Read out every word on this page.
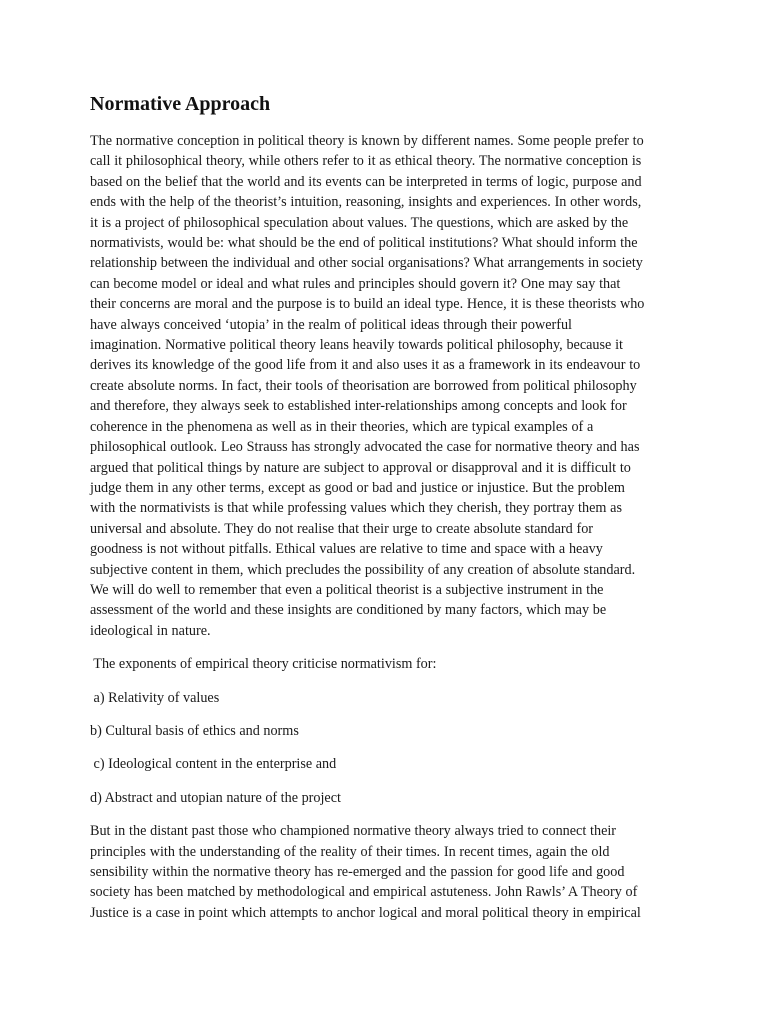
Normative Approach

The normative conception in political theory is known by different names. Some people prefer to
call it philosophical theory, while others refer to it as ethical theory. The normative conception is
based on the belief that the world and its events can be interpreted in terms of logic, purpose and
ends with the help of the theorist’s intuition, reasoning, insights and experiences. In other words,
it is a project of philosophical speculation about values. The questions, which are asked by the
normativists, would be: what should be the end of political institutions? What should inform the
relationship between the individual and other social organisations? What arrangements in society
can become model or ideal and what rules and principles should govern it? One may say that
their concerns are moral and the purpose is to build an ideal type. Hence, it is these theorists who
have always conceived ‘utopia’ in the realm of political ideas through their powerful
imagination. Normative political theory leans heavily towards political philosophy, because it
derives its knowledge of the good life from it and also uses it as a framework in its endeavour to
create absolute norms. In fact, their tools of theorisation are borrowed from political philosophy
and therefore, they always seek to established inter-relationships among concepts and look for
coherence in the phenomena as well as in their theories, which are typical examples of a
philosophical outlook. Leo Strauss has strongly advocated the case for normative theory and has
argued that political things by nature are subject to approval or disapproval and it is difficult to
judge them in any other terms, except as good or bad and justice or injustice. But the problem
with the normativists is that while professing values which they cherish, they portray them as
universal and absolute. They do not realise that their urge to create absolute standard for
goodness is not without pitfalls. Ethical values are relative to time and space with a heavy
subjective content in them, which precludes the possibility of any creation of absolute standard.
We will do well to remember that even a political theorist is a subjective instrument in the
assessment of the world and these insights are conditioned by many factors, which may be
ideological in nature.

The exponents of empirical theory criticise normativism for:

a) Relativity of values

b) Cultural basis of ethics and norms

c) Ideological content in the enterprise and

d) Abstract and utopian nature of the project

But in the distant past those who championed normative theory always tried to connect their
principles with the understanding of the reality of their times. In recent times, again the old
sensibility within the normative theory has re-emerged and the passion for good life and good
society has been matched by methodological and empirical astuteness. John Rawls’ A Theory of
Justice is a case in point which attempts to anchor logical and moral political theory in empirical
